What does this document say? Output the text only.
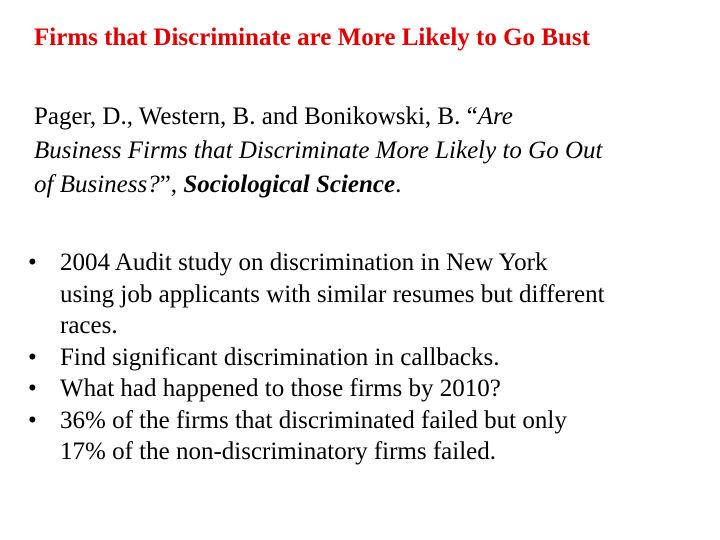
Firms that Discriminate are More Likely to Go Bust
Pager, D., Western, B. and Bonikowski, B. “Are
Business Firms that Discriminate More Likely to Go Out
of Business?”, Sociological Science.
• 2004 Audit study on discrimination in New York
using job applicants with similar resumes but different
races.
• Find significant discrimination in callbacks.
• What had happened to those firms by 2010?
• 36% of the firms that discriminated failed but only
17% of the non-discriminatory firms failed.
